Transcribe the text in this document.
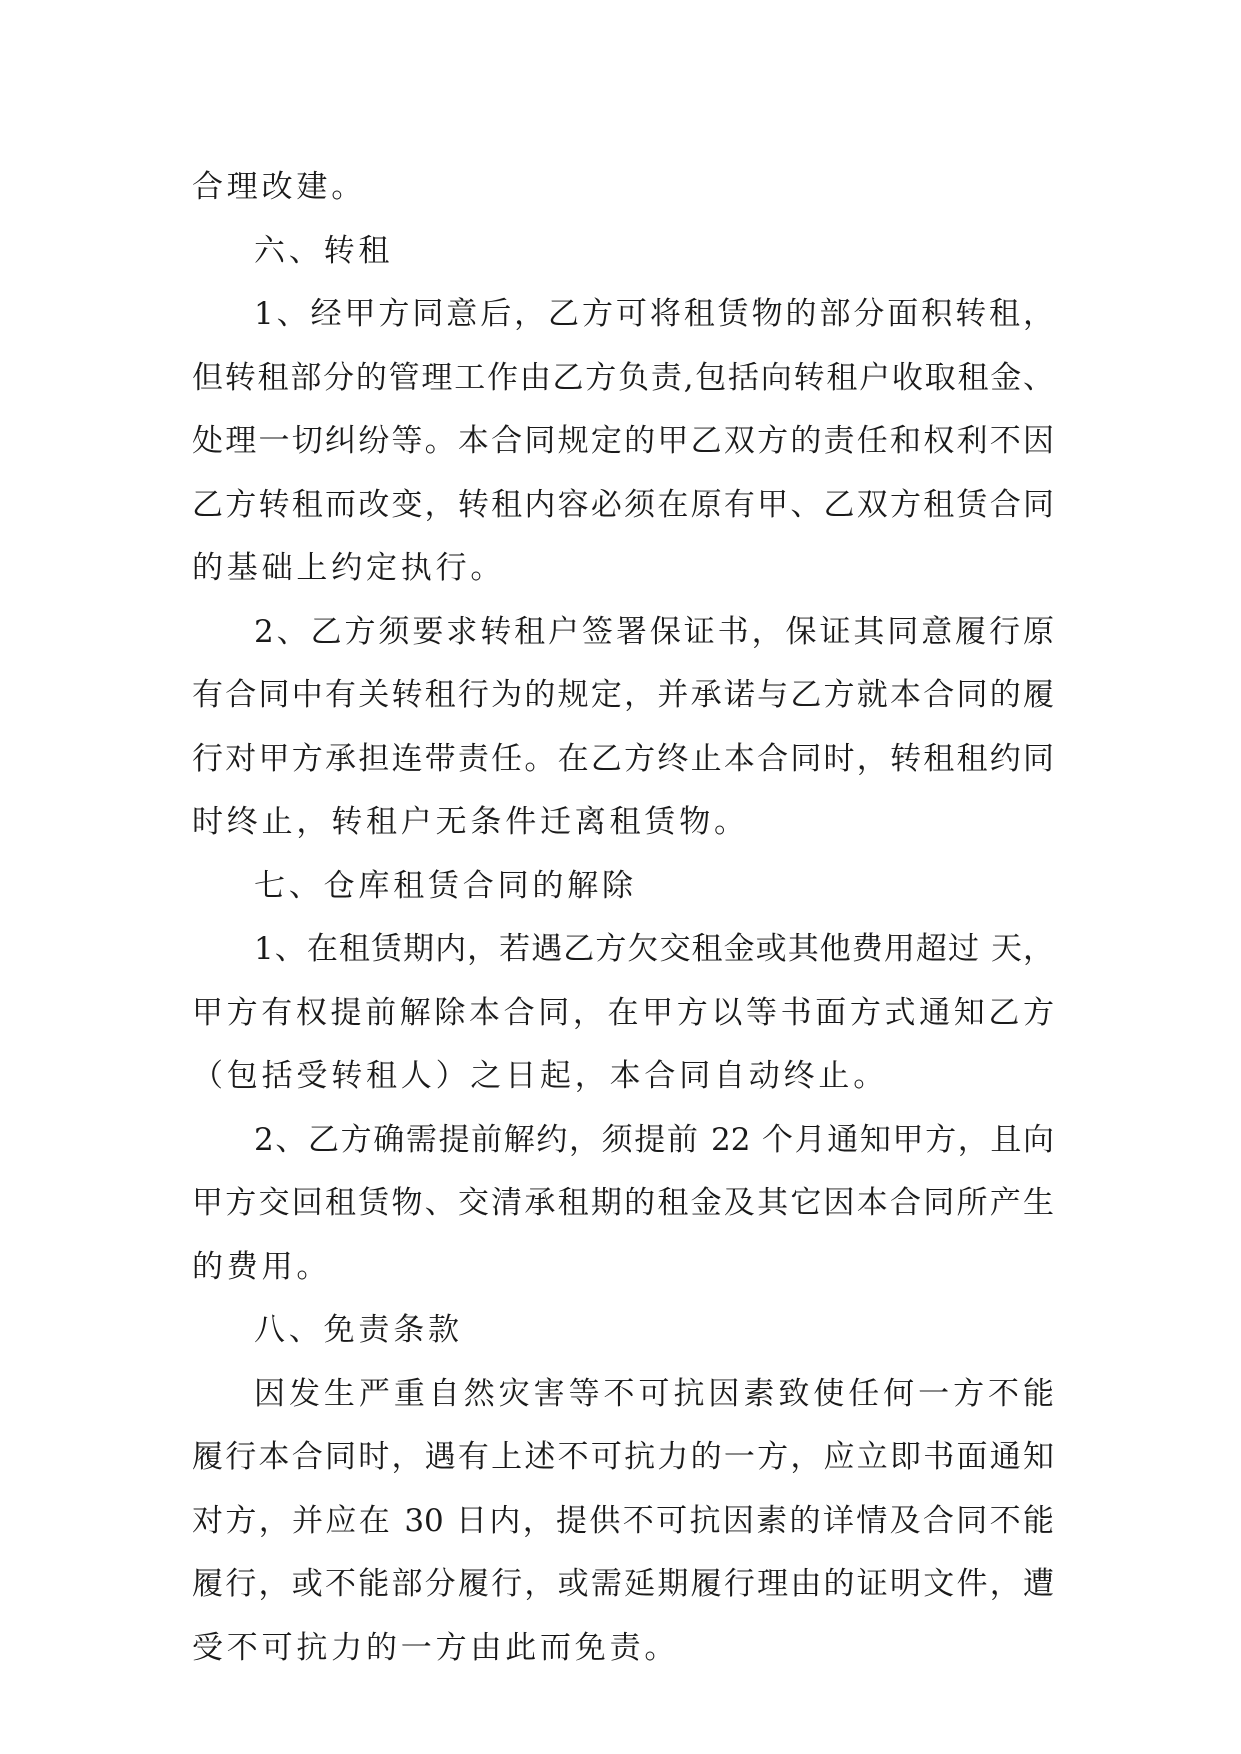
合理改建。
六、转租
1、经甲方同意后，乙方可将租赁物的部分面积转租，
但转租部分的管理工作由乙方负责,包括向转租户收取租金、
处理一切纠纷等。本合同规定的甲乙双方的责任和权利不因
乙方转租而改变，转租内容必须在原有甲、乙双方租赁合同
的基础上约定执行。
2、乙方须要求转租户签署保证书，保证其同意履行原
有合同中有关转租行为的规定，并承诺与乙方就本合同的履
行对甲方承担连带责任。在乙方终止本合同时，转租租约同
时终止，转租户无条件迁离租赁物。
七、仓库租赁合同的解除
1、在租赁期内，若遇乙方欠交租金或其他费用超过 天，
甲方有权提前解除本合同，在甲方以等书面方式通知乙方
（包括受转租人）之日起，本合同自动终止。
2、乙方确需提前解约，须提前 22 个月通知甲方，且向
甲方交回租赁物、交清承租期的租金及其它因本合同所产生
的费用。
八、免责条款
因发生严重自然灾害等不可抗因素致使任何一方不能
履行本合同时，遇有上述不可抗力的一方，应立即书面通知
对方，并应在 30 日内，提供不可抗因素的详情及合同不能
履行，或不能部分履行，或需延期履行理由的证明文件，遭
受不可抗力的一方由此而免责。
